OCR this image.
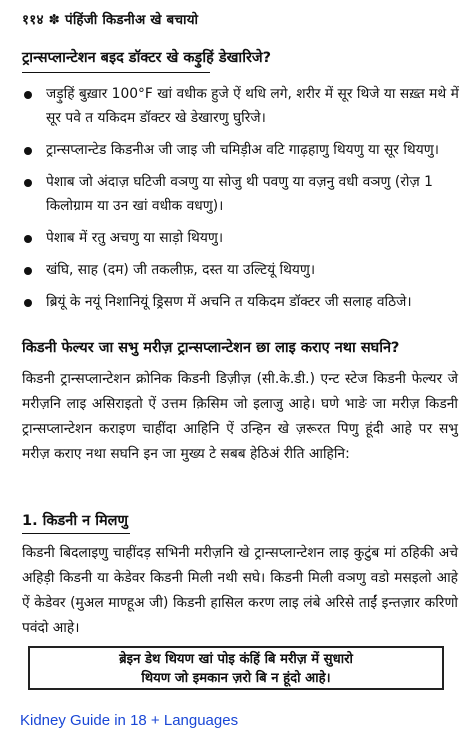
११४ ✽ पंहिंजी किडनीअ खे बचायो
ट्रान्सप्लान्टेशन बइद डॉक्टर खे कड़ुहिं डेखारिजे?
जड़ुहिं बुख़ार 100°F खां वधीक हुजे ऐं थधि लगे, शरीर में सूर थिजे या सख़्त मथे में सूर पवे त यकिदम डॉक्टर खे डेखारणु घुरिजे।
ट्रान्सप्लान्टेड किडनीअ जी जाइ जी चमिड़ीअ वटि गाढ़हाणु थियणु या सूर थियणु।
पेशाब जो अंदाज़ घटिजी वञणु या सोजु थी पवणु या वज़नु वधी वञणु (रोज़ 1 किलोग्राम या उन खां वधीक वधणु)।
पेशाब में रतु अचणु या साड़ो थियणु।
खंघि, साह (दम) जी तकलीफ़, दस्त या उल्टियूं थियणु।
ब्रियूं के नयूं निशानियूं ड्रिसण में अचनि त यकिदम डॉक्टर जी सलाह वठिजे।
किडनी फेल्यर जा सभु मरीज़ ट्रान्सप्लान्टेशन छा लाइ कराए नथा सघनि?
किडनी ट्रान्सप्लान्टेशन क्रोनिक किडनी डिज़ीज़ (सी.के.डी.) एन्ट स्टेज किडनी फेल्यर जे मरीज़नि लाइ असिराइतो ऐं उत्तम क़िसिम जो इलाजु आहे। घणे भाङे जा मरीज़ किडनी ट्रान्सप्लान्टेशन कराइण चाहींदा आहिनि ऐं उन्हिन खे ज़रूरत पिणु हूंदी आहे पर सभु मरीज़ कराए नथा सघनि इन जा मुख्य टे सबब हेठिअं रीति आहिनि:
1. किडनी न मिलणु
किडनी बिदलाइणु चाहींदड़ सभिनी मरीज़नि खे ट्रान्सप्लान्टेशन लाइ कुटुंब मां ठहिकी अचे अहिड़ी किडनी या केडेवर किडनी मिली नथी सघे। किडनी मिली वञणु वडो मसइलो आहे ऐं केडेवर (मुअल माण्हूअ जी) किडनी हासिल करण लाइ लंबे अरिसे ताईं इन्तज़ार करिणो पवंदो आहे।
ब्रेइन डेथ थियण खां पोइ कंहिं बि मरीज़ में सुधारो
थियण जो इमकान ज़रो बि न हूंदो आहे।
Kidney Guide in 18 + Languages
